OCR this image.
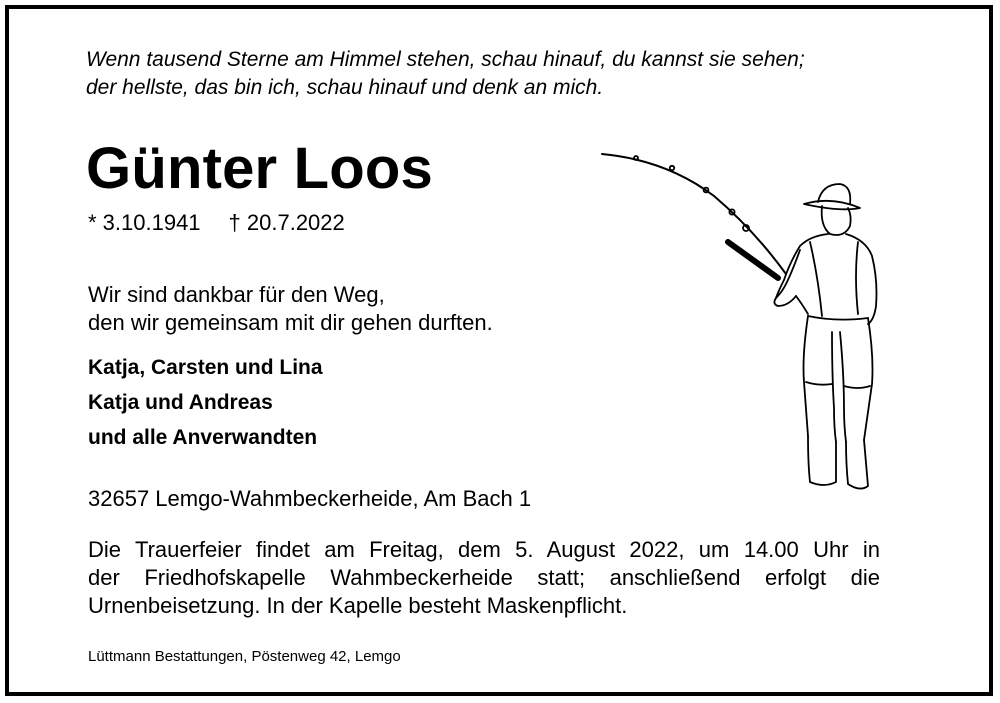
Wenn tausend Sterne am Himmel stehen, schau hinauf, du kannst sie sehen;
der hellste, das bin ich, schau hinauf und denk an mich.
Günter Loos
* 3.10.1941 † 20.7.2022
Wir sind dankbar für den Weg,
den wir gemeinsam mit dir gehen durften.
Katja, Carsten und Lina
Katja und Andreas
und alle Anverwandten
32657 Lemgo-Wahmbeckerheide, Am Bach 1
Die Trauerfeier findet am Freitag, dem 5. August 2022, um 14.00 Uhr in
der Friedhofskapelle Wahmbeckerheide statt; anschließend erfolgt die
Urnenbeisetzung. In der Kapelle besteht Maskenpflicht.
Lüttmann Bestattungen, Pöstenweg 42, Lemgo
